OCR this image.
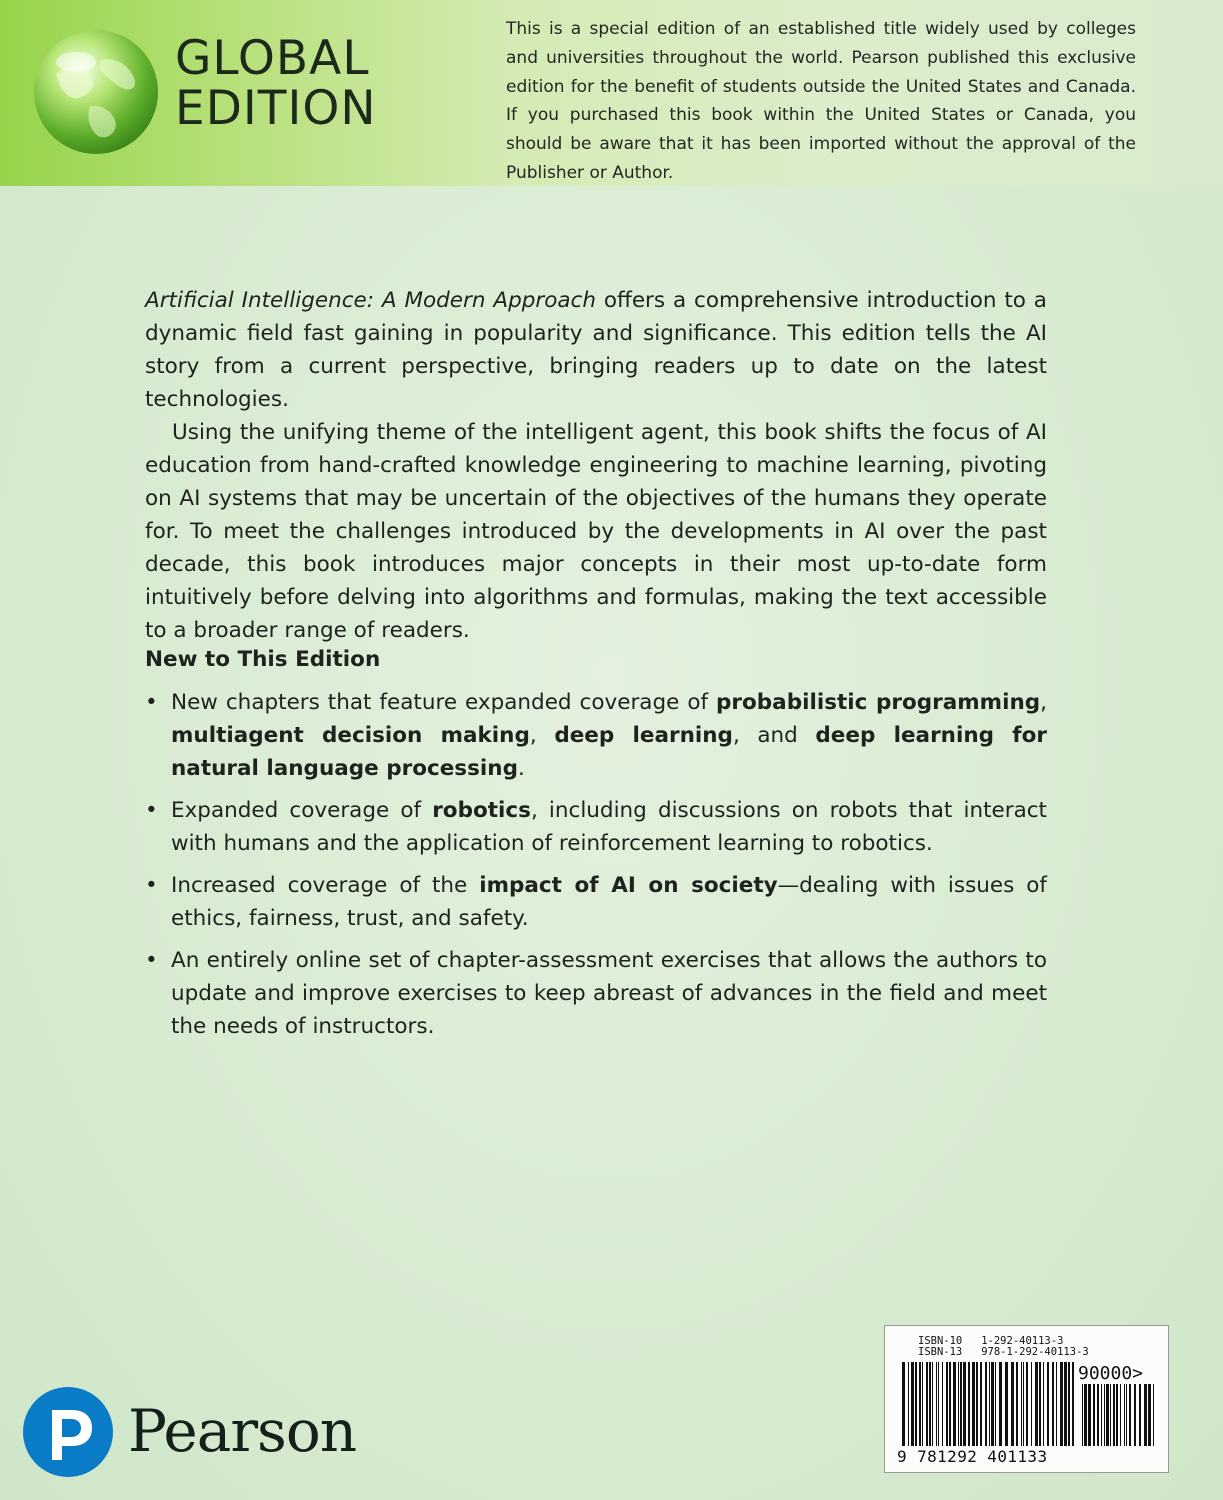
GLOBAL
EDITION
This is a special edition of an established title widely used by colleges and universities throughout the world. Pearson published this exclusive edition for the benefit of students outside the United States and Canada. If you purchased this book within the United States or Canada, you should be aware that it has been imported without the approval of the Publisher or Author.

Artificial Intelligence: A Modern Approach offers a comprehensive introduction to a dynamic field fast gaining in popularity and significance. This edition tells the AI story from a current perspective, bringing readers up to date on the latest technologies.

Using the unifying theme of the intelligent agent, this book shifts the focus of AI education from hand-crafted knowledge engineering to machine learning, pivoting on AI systems that may be uncertain of the objectives of the humans they operate for. To meet the challenges introduced by the developments in AI over the past decade, this book introduces major concepts in their most up-to-date form intuitively before delving into algorithms and formulas, making the text accessible to a broader range of readers.

New to This Edition
• New chapters that feature expanded coverage of probabilistic programming, multiagent decision making, deep learning, and deep learning for natural language processing.
• Expanded coverage of robotics, including discussions on robots that interact with humans and the application of reinforcement learning to robotics.
• Increased coverage of the impact of AI on society—dealing with issues of ethics, fairness, trust, and safety.
• An entirely online set of chapter-assessment exercises that allows the authors to update and improve exercises to keep abreast of advances in the field and meet the needs of instructors.
Pearson
ISBN-10   1-292-40113-3
ISBN-13   978-1-292-40113-3
90000>
9 781292 401133
